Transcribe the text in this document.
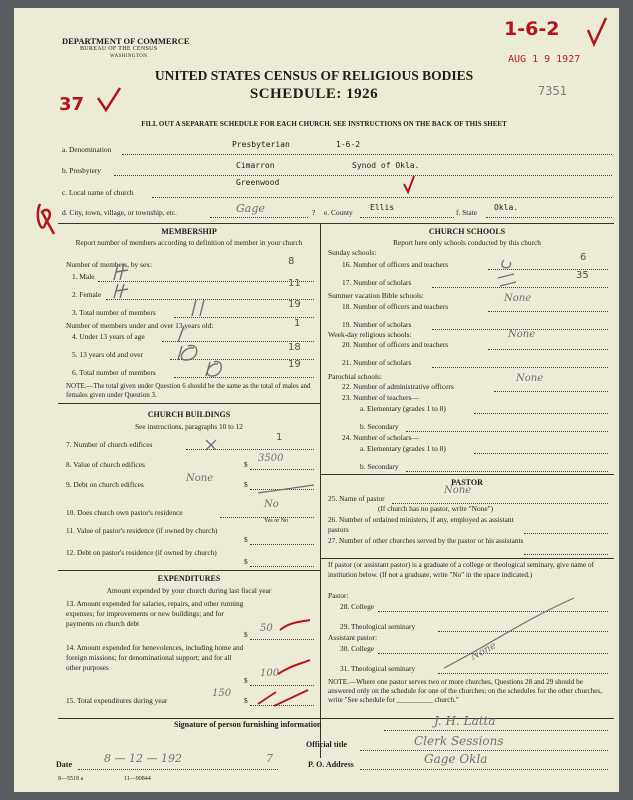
DEPARTMENT OF COMMERCE
BUREAU OF THE CENSUS
WASHINGTON
UNITED STATES CENSUS OF RELIGIOUS BODIES
SCHEDULE: 1926
FILL OUT A SEPARATE SCHEDULE FOR EACH CHURCH. SEE INSTRUCTIONS ON THE BACK OF THIS SHEET
AUG 1 9 1927
7351
1-6-2
37
a. Denomination
Presbyterian	1-6-2
b. Presbytery
Cimarron	Synod of Okla.
c. Local name of church
Greenwood
d. City, town, village, or township, etc.	Gage	? e. County
Ellis
f. State
Okla.
MEMBERSHIP
Report number of members according to definition of member in your church
Number of members, by sex:
1. Male
8
2. Female
11
3. Total number of members
19
Number of members under and over 13 years old:
4. Under 13 years of age
1
5. 13 years old and over
18
6. Total number of members
19
NOTE.—The total given under Question 6 should be the same as the total of males and females given under Question 3.
CHURCH BUILDINGS
See instructions, paragraphs 10 to 12
7. Number of church edifices
1
8. Value of church edifices	$
3500
9. Debt on church edifices	$
None
10. Does church own pastor's residence
No
Yes or No
11. Value of pastor's residence (if owned by church)
$
12. Debt on pastor's residence (if owned by church)
$
EXPENDITURES
Amount expended by your church during last fiscal year
13. Amount expended for salaries, repairs, and other running expenses; for improvements or new buildings; and for payments on church debt
$
50
14. Amount expended for benevolences, including home and foreign missions; for denominational support; and for all other purposes
$
100
15. Total expenditures during year	$
150
CHURCH SCHOOLS
Report here only schools conducted by this church
Sunday schools:
16. Number of officers and teachers
6
17. Number of scholars
35
Summer vacation Bible schools:
18. Number of officers and teachers
None
19. Number of scholars
Week-day religious schools:
20. Number of officers and teachers
None
21. Number of scholars
Parochial schools:
22. Number of administrative officers
None
23. Number of teachers—
a. Elementary (grades 1 to 8)
b. Secondary
24. Number of scholars—
a. Elementary (grades 1 to 8)
b. Secondary
PASTOR
25. Name of pastor
None
(If church has no pastor, write "None")
26. Number of ordained ministers, if any, employed as assistant pastors
27. Number of other churches served by the pastor or his assistants
If pastor (or assistant pastor) is a graduate of a college or theological seminary, give name of institution below. (If not a graduate, write "No" in the space indicated.)
Pastor:
28. College
29. Theological seminary
Assistant pastor:
30. College
31. Theological seminary
None
NOTE.—Where one pastor serves two or more churches, Questions 28 and 29 should be answered only on the schedule for one of the churches; on the schedules for the other churches, write "See schedule for __________ church."
Signature of person furnishing information	J. H. Latta
Official title	Clerk Sessions
Date	8 — 12 — 192	7	P. O. Address	Gage Okla
8—5518 a	11—90844
